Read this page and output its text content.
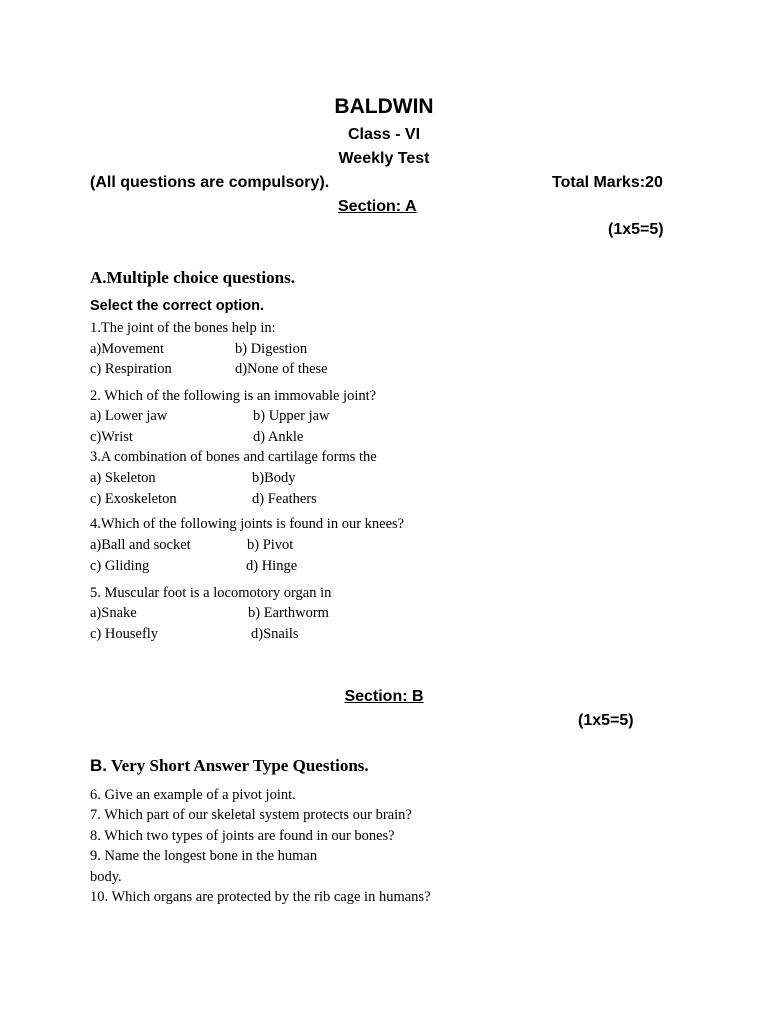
BALDWIN
Class - VI
Weekly Test
(All questions are compulsory).	Total Marks:20
Section: A
(1x5=5)
A.Multiple choice questions.
Select the correct option.
1.The joint of the bones help in:
a)Movement	b) Digestion
c) Respiration	d)None of these
2. Which of the following is an immovable joint?
a) Lower jaw	b) Upper jaw
c)Wrist	d) Ankle
3.A combination of bones and cartilage forms the
a) Skeleton	b)Body
c) Exoskeleton	d) Feathers
4.Which of the following joints is found in our knees?
a)Ball and socket	b) Pivot
c) Gliding	d) Hinge
5. Muscular foot is a locomotory organ in
a)Snake	b) Earthworm
c) Housefly	d)Snails
Section: B
(1x5=5)
B. Very Short Answer Type Questions.
6. Give an example of a pivot joint.
7. Which part of our skeletal system protects our brain?
8. Which two types of joints are found in our bones?
9. Name the longest bone in the human
body.
10. Which organs are protected by the rib cage in humans?
